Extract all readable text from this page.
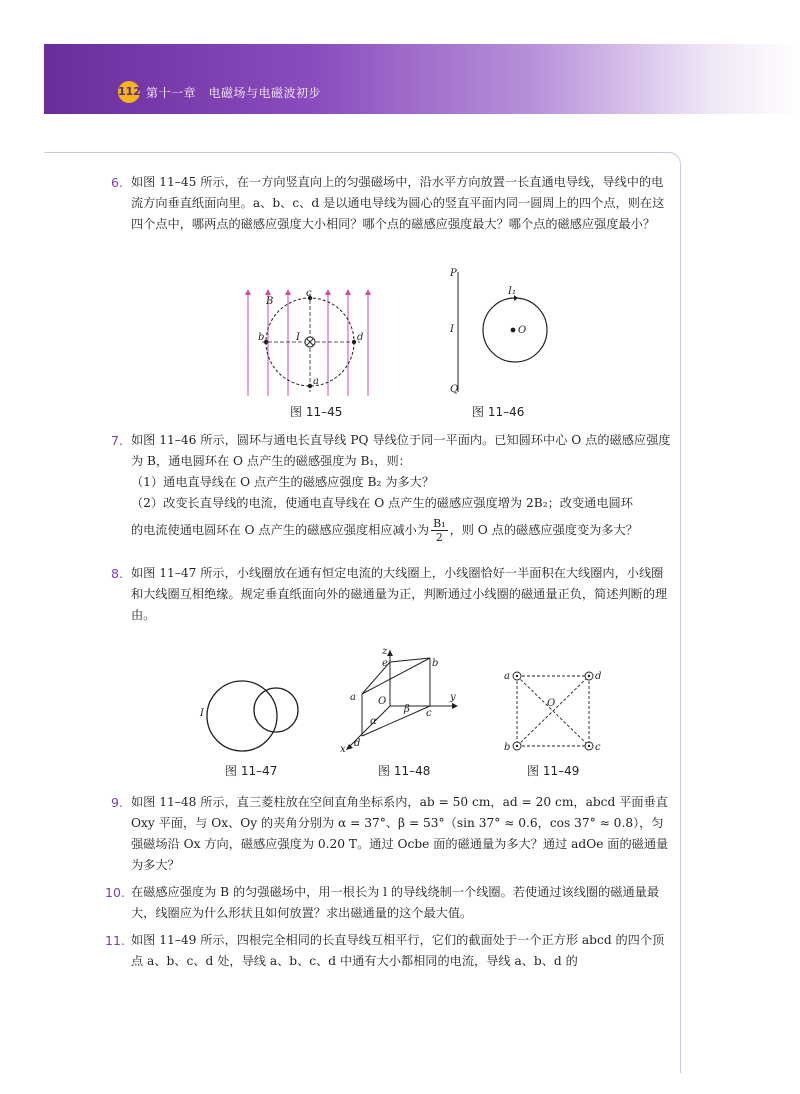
112 第十一章　电磁场与电磁波初步
6. 如图 11–45 所示，在一方向竖直向上的匀强磁场中，沿水平方向放置一长直通电导线，导线中的电流方向垂直纸面向里。a、b、c、d 是以通电导线为圆心的竖直平面内同一圆周上的四个点，则在这四个点中，哪两点的磁感应强度大小相同？哪个点的磁感应强度最大？哪个点的磁感应强度最小？

B
c
b	I	d
a
图 11–45
P
I
Q
I₁
O
图 11–46
7. 如图 11–46 所示，圆环与通电长直导线 PQ 导线位于同一平面内。已知圆环中心 O 点的磁感应强度为 B，通电圆环在 O 点产生的磁感强度为 B₁，则：

（1）通电直导线在 O 点产生的磁感应强度 B₂ 为多大？

（2）改变长直导线的电流，使通电直导线在 O 点产生的磁感应强度增为 2B₂；改变通电圆环

的电流使通电圆环在 O 点产生的磁感应强度相应减小为 $\frac{\text{B₁}}{2}$ ，则 O 点的磁感应强度变为多大？
8. 如图 11–47 所示，小线圈放在通有恒定电流的大线圈上，小线圈恰好一半面积在大线圈内，小线圈和大线圈互相绝缘。规定垂直纸面向外的磁通量为正，判断通过小线圈的磁通量正负，简述判断的理由。

I
图 11–47
z
e	b
a O	y
β c
α
d
x
图 11–48
a	d
O
b	c
图 11–49
9. 如图 11–48 所示，直三菱柱放在空间直角坐标系内，ab = 50 cm，ad = 20 cm，abcd 平面垂直 Oxy 平面，与 Ox、Oy 的夹角分别为 α = 37°、β = 53°（sin 37° ≈ 0.6，cos 37° ≈ 0.8），匀强磁场沿 Ox 方向，磁感应强度为 0.20 T。通过 Ocbe 面的磁通量为多大？通过 adOe 面的磁通量为多大？

10. 在磁感应强度为 B 的匀强磁场中，用一根长为 l 的导线绕制一个线圈。若使通过该线圈的磁通量最大，线圈应为什么形状且如何放置？求出磁通量的这个最大值。

11. 如图 11–49 所示，四根完全相同的长直导线互相平行，它们的截面处于一个正方形 abcd 的四个顶点 a、b、c、d 处，导线 a、b、c、d 中通有大小都相同的电流，导线 a、b、d 的
